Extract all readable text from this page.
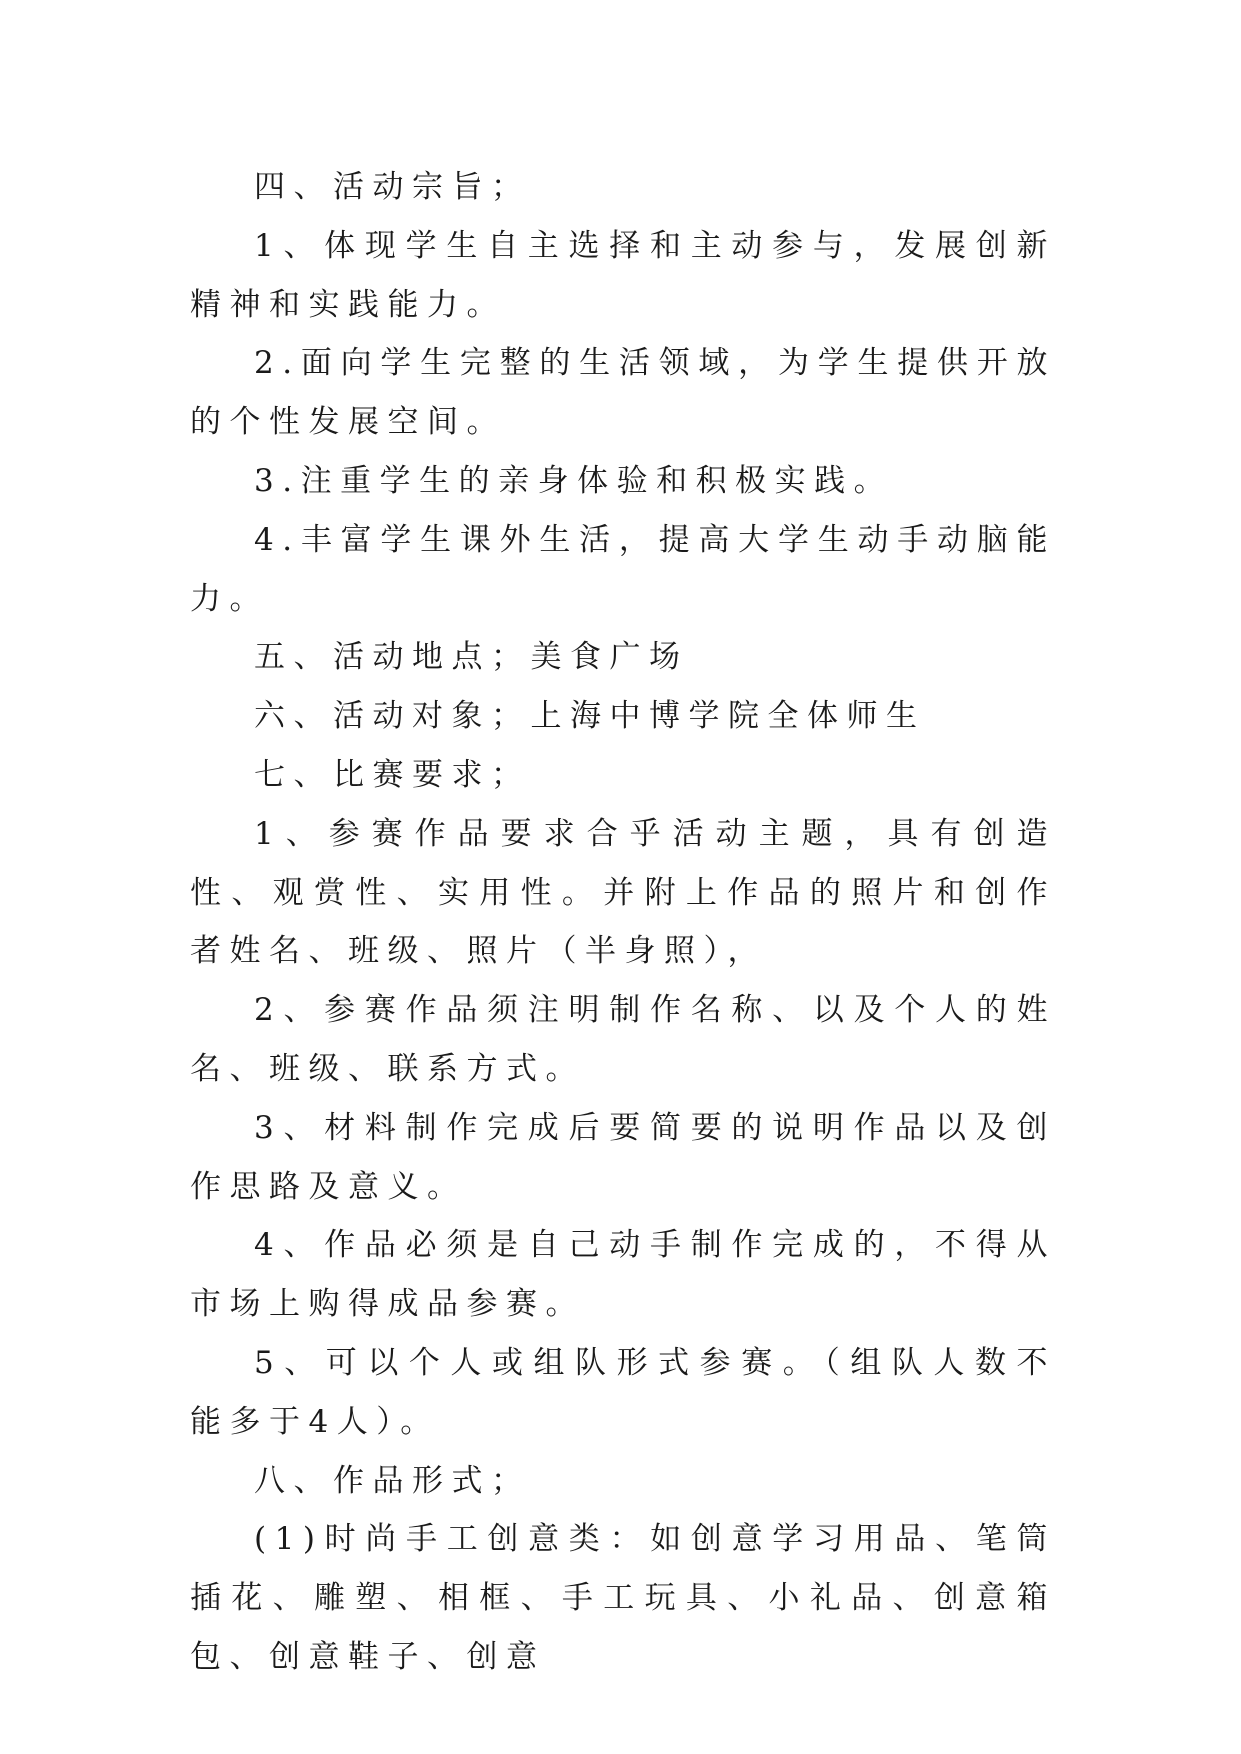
四、活动宗旨；

1、体现学生自主选择和主动参与，发展创新精神和实践能力。

2.面向学生完整的生活领域，为学生提供开放的个性发展空间。

3.注重学生的亲身体验和积极实践。

4.丰富学生课外生活，提高大学生动手动脑能力。

五、活动地点；美食广场

六、活动对象；上海中博学院全体师生

七、比赛要求；

1、参赛作品要求合乎活动主题，具有创造性、观赏性、实用性。并附上作品的照片和创作者姓名、班级、照片（半身照），

2、参赛作品须注明制作名称、以及个人的姓名、班级、联系方式。

3、材料制作完成后要简要的说明作品以及创作思路及意义。

4、作品必须是自己动手制作完成的，不得从市场上购得成品参赛。

5、可以个人或组队形式参赛。（组队人数不能多于4人）。

八、作品形式；

(1)时尚手工创意类：如创意学习用品、笔筒插花、雕塑、相框、手工玩具、小礼品、创意箱包、创意鞋子、创意
